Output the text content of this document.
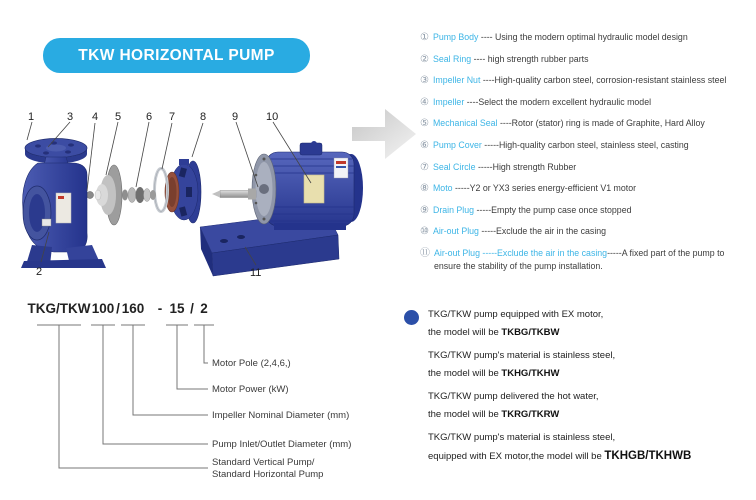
TKW HORIZONTAL PUMP
1	3 4 5 6 7 8 9	10
2	11
① Pump Body ---- Using the modern optimal hydraulic model design
② Seal Ring ---- high strength rubber parts
③ Impeller Nut ----High-quality carbon steel, corrosion-resistant stainless steel
④ Impeller ----Select the modern excellent hydraulic model
⑤ Mechanical Seal ----Rotor (stator) ring is made of Graphite, Hard Alloy
⑥ Pump Cover -----High-quality carbon steel, stainless steel, casting
⑦ Seal Circle -----High strength Rubber
⑧ Moto -----Y2 or YX3 series energy-efficient V1 motor
⑨ Drain Plug -----Empty the pump case once stopped
⑩ Air-out Plug -----Exclude the air in the casing
⑪ Air-out Plug -----Exclude the air in the casing-----A fixed part of the pump to ensure the stability of the pump installation.
TKG/TKW 100 / 160 - 15 / 2
Motor Pole (2,4,6,)
Motor Power (kW)
Impeller Nominal Diameter (mm)
Pump Inlet/Outlet Diameter (mm)
Standard Vertical Pump/
Standard Horizontal Pump
TKG/TKW pump equipped with EX motor,
the model will be TKBG/TKBW
TKG/TKW pump's material is stainless steel,
the model will be TKHG/TKHW
TKG/TKW pump delivered the hot water,
the model will be TKRG/TKRW
TKG/TKW pump's material is stainless steel,
equipped with EX motor,the model will be TKHGB/TKHWB
